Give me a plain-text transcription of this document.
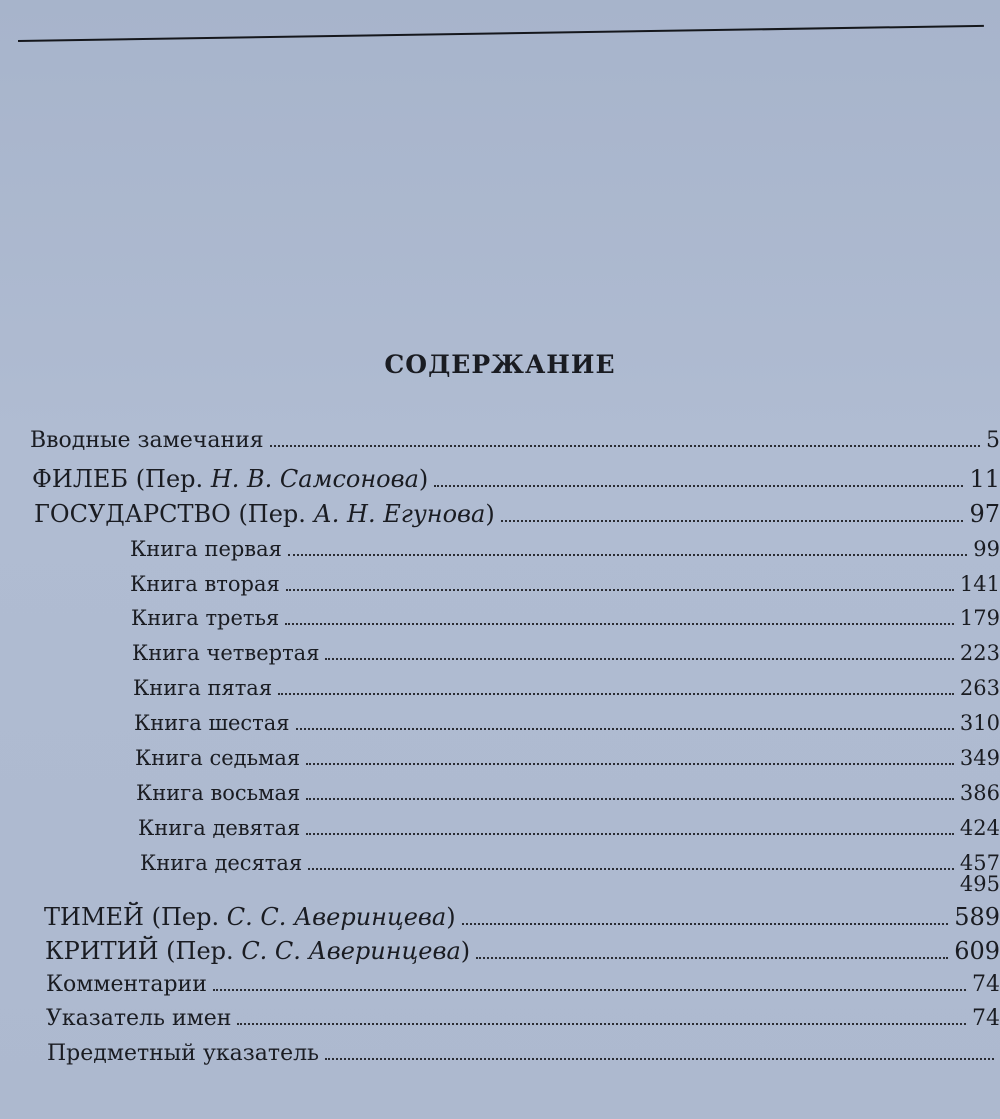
СОДЕРЖАНИЕ
Вводные замечания	5
ФИЛЕБ (Пер. Н. В. Самсонова)	11
ГОСУДАРСТВО (Пер. А. Н. Егунова)	97
Книга первая	99
Книга вторая	141
Книга третья	179
Книга четвертая	223
Книга пятая	263
Книга шестая	310
Книга седьмая	349
Книга восьмая	386
Книга девятая	424
Книга десятая	457
495
ТИМЕЙ (Пер. С. С. Аверинцева)	589
КРИТИЙ (Пер. С. С. Аверинцева)	609
Комментарии	74
Указатель имен	74
Предметный указатель
